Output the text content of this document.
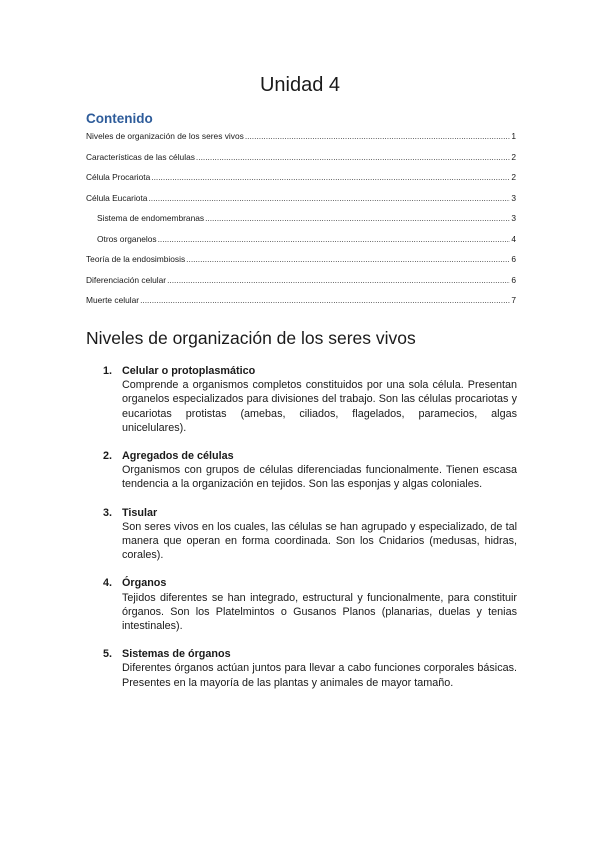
Unidad 4
Contenido
Niveles de organización de los seres vivos .....	1
Características de las células .....	2
Célula Procariota .....	2
Célula Eucariota .....	3
Sistema de endomembranas .....	3
Otros organelos .....	4
Teoría de la endosimbiosis .....	6
Diferenciación celular .....	6
Muerte celular .....	7
Niveles de organización de los seres vivos
1. Celular o protoplasmático
Comprende a organismos completos constituidos por una sola célula. Presentan organelos especializados para divisiones del trabajo. Son las células procariotas y eucariotas protistas (amebas, ciliados, flagelados, paramecios, algas unicelulares).
2. Agregados de células
Organismos con grupos de células diferenciadas funcionalmente. Tienen escasa tendencia a la organización en tejidos. Son las esponjas y algas coloniales.
3. Tisular
Son seres vivos en los cuales, las células se han agrupado y especializado, de tal manera que operan en forma coordinada. Son los Cnidarios (medusas, hidras, corales).
4. Órganos
Tejidos diferentes se han integrado, estructural y funcionalmente, para constituir órganos. Son los Platelmintos o Gusanos Planos (planarias, duelas y tenias intestinales).
5. Sistemas de órganos
Diferentes órganos actúan juntos para llevar a cabo funciones corporales básicas. Presentes en la mayoría de las plantas y animales de mayor tamaño.
